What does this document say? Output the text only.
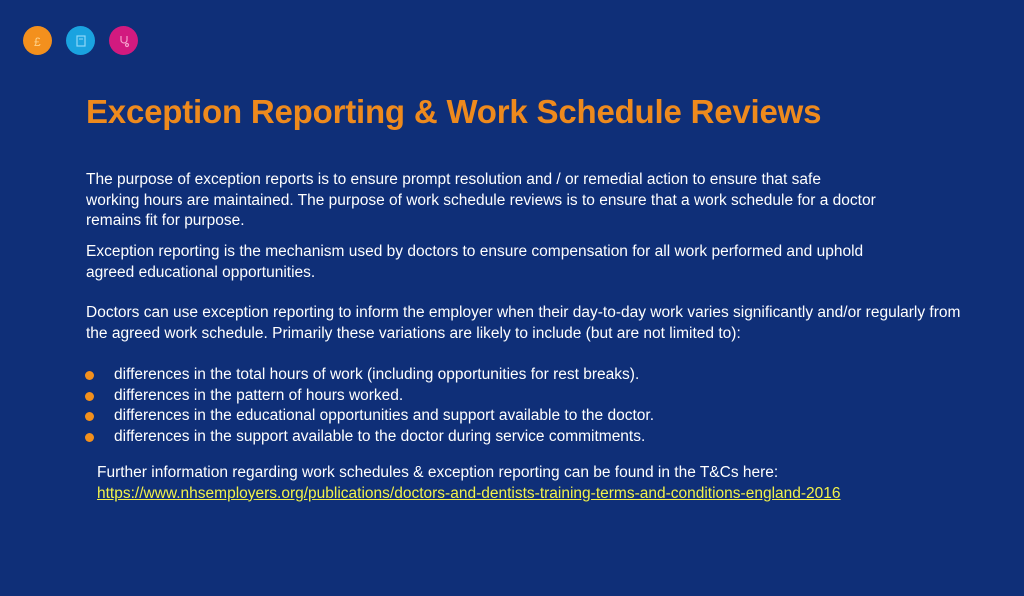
£
Exception Reporting & Work Schedule Reviews

The purpose of exception reports is to ensure prompt resolution and / or remedial action to ensure that safe working hours are maintained. The purpose of work schedule reviews is to ensure that a work schedule for a doctor remains fit for purpose.

Exception reporting is the mechanism used by doctors to ensure compensation for all work performed and uphold agreed educational opportunities.

Doctors can use exception reporting to inform the employer when their day-to-day work varies significantly and/or regularly from the agreed work schedule. Primarily these variations are likely to include (but are not limited to):

differences in the total hours of work (including opportunities for rest breaks).
differences in the pattern of hours worked.
differences in the educational opportunities and support available to the doctor.
differences in the support available to the doctor during service commitments.
Further information regarding work schedules & exception reporting can be found in the T&Cs here:
https://www.nhsemployers.org/publications/doctors-and-dentists-training-terms-and-conditions-england-2016
